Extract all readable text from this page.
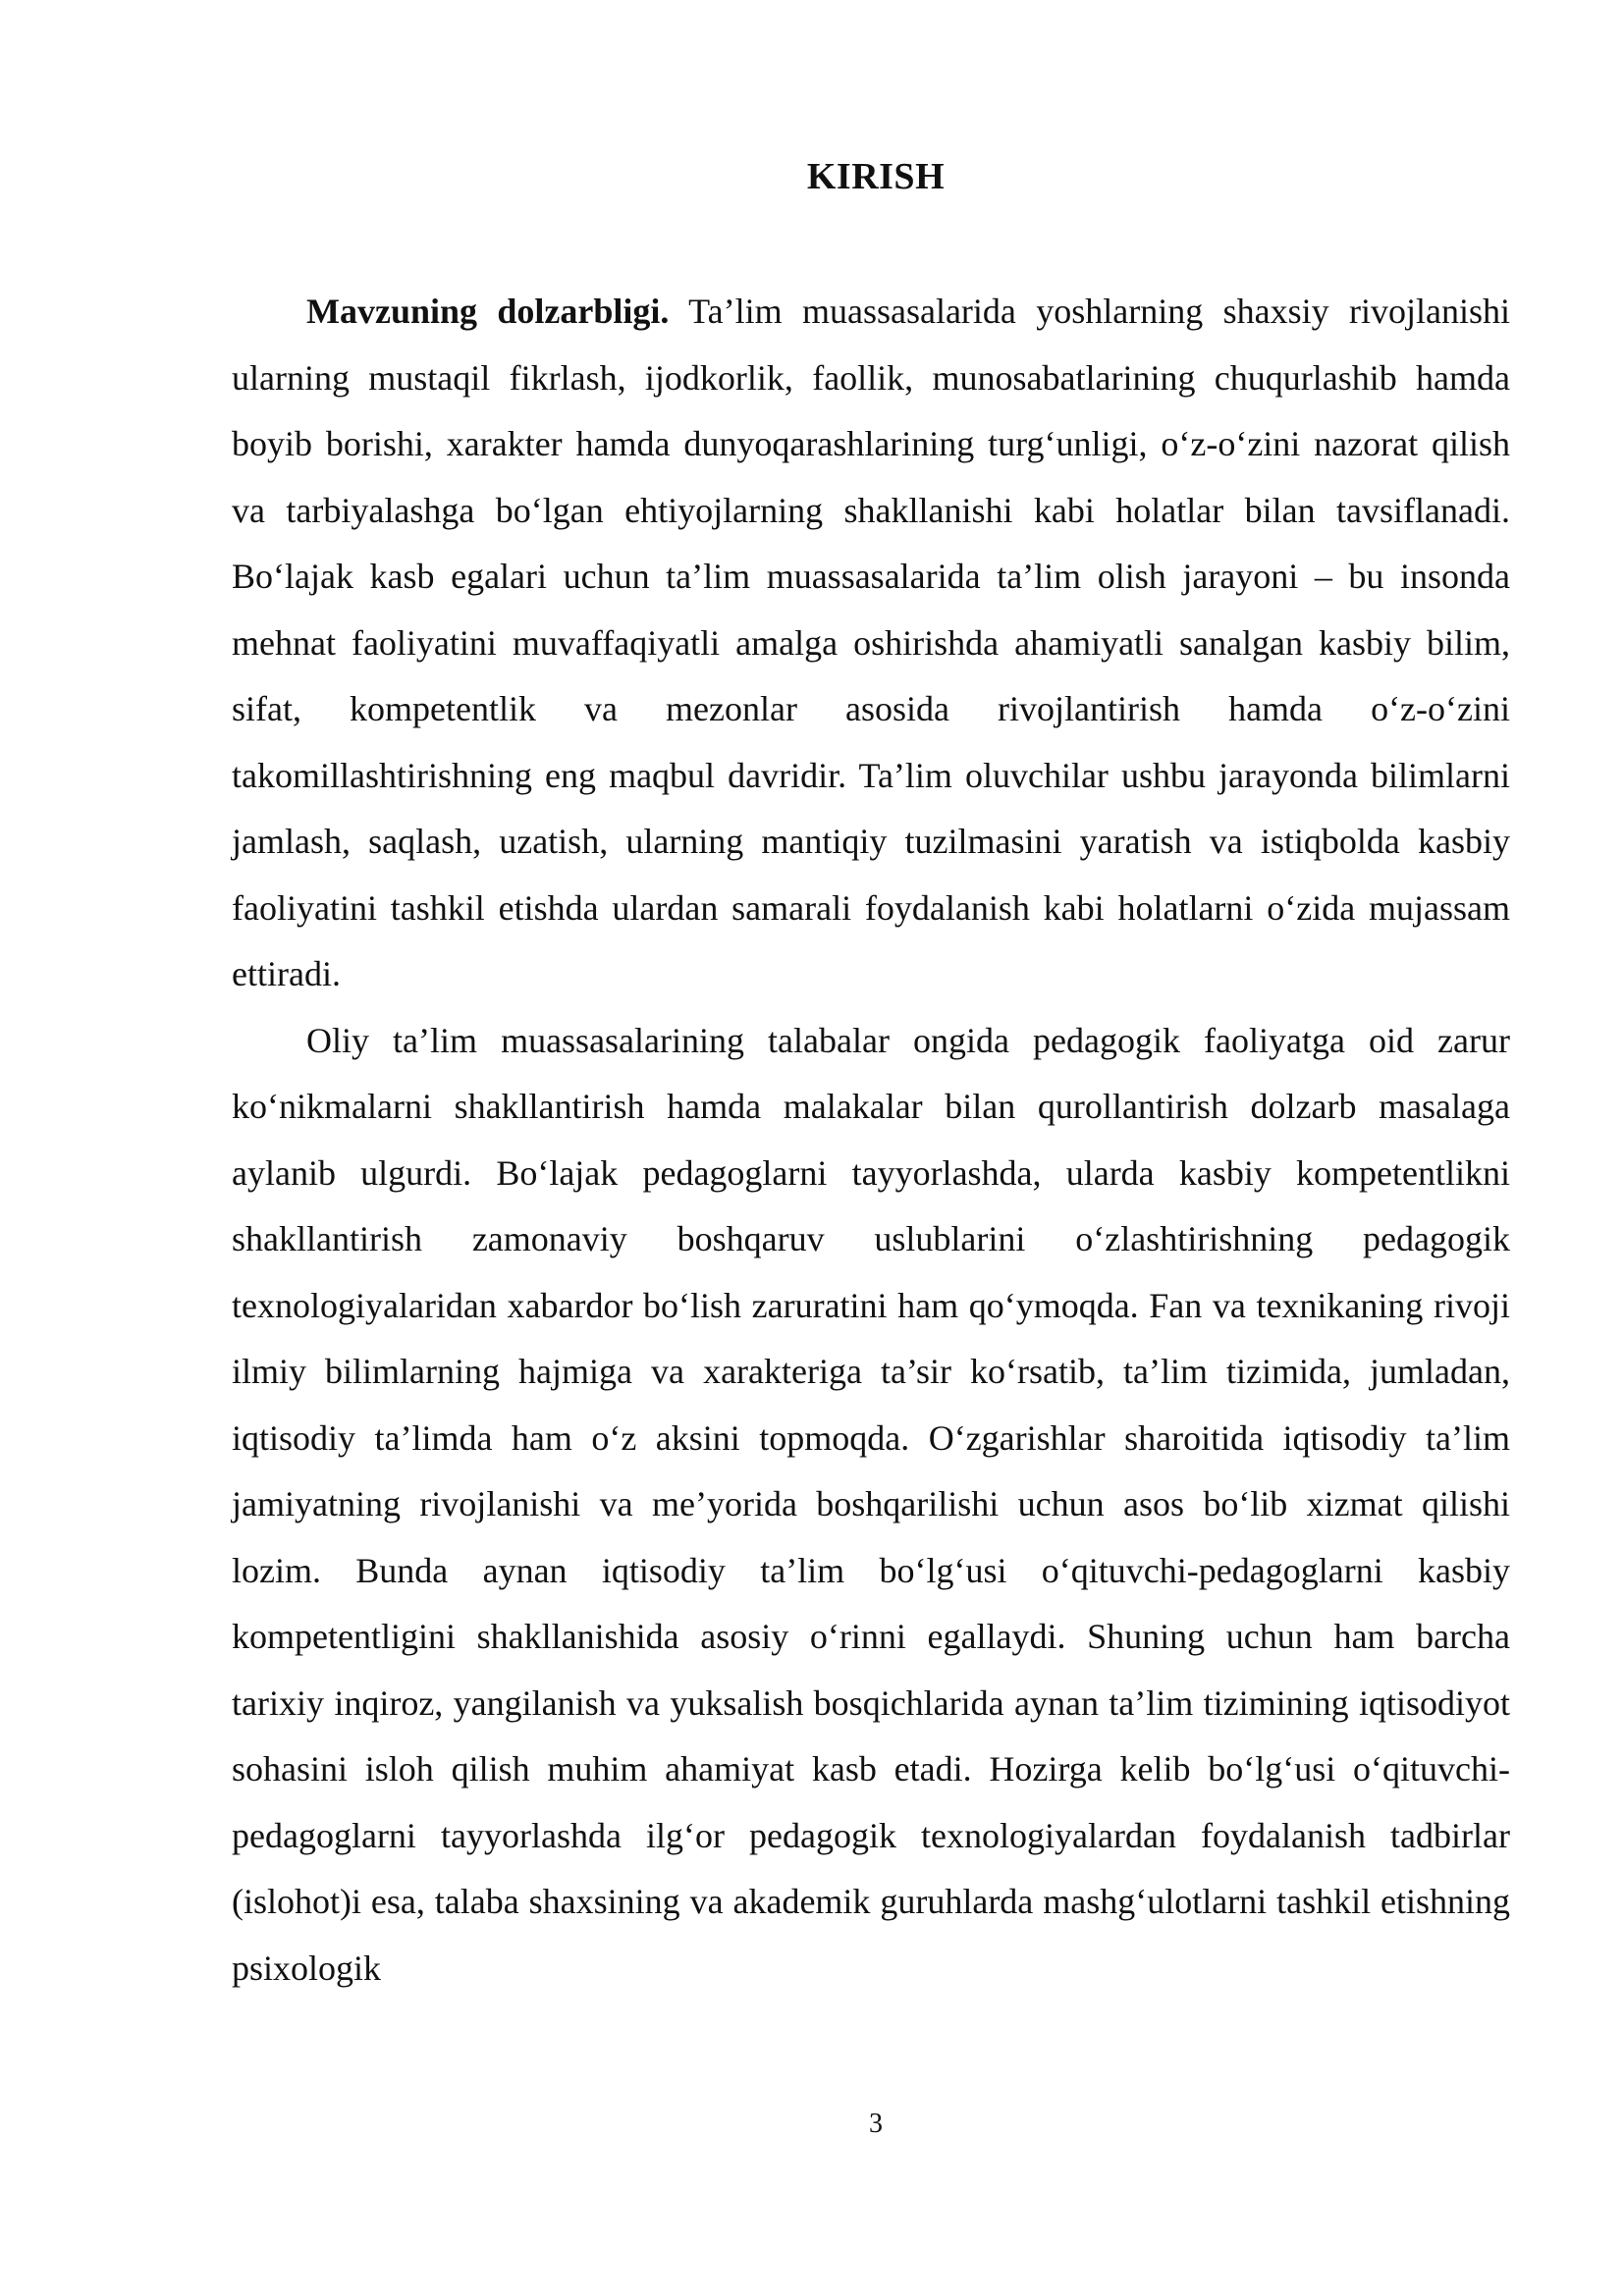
KIRISH

Mavzuning dolzarbligi. Ta’lim muassasalarida yoshlarning shaxsiy rivojlanishi ularning mustaqil fikrlash, ijodkorlik, faollik, munosabatlarining chuqurlashib hamda boyib borishi, xarakter hamda dunyoqarashlarining turg‘unligi, o‘z-o‘zini nazorat qilish va tarbiyalashga bo‘lgan ehtiyojlarning shakllanishi kabi holatlar bilan tavsiflanadi. Bo‘lajak kasb egalari uchun ta’lim muassasalarida ta’lim olish jarayoni – bu insonda mehnat faoliyatini muvaffaqiyatli amalga oshirishda ahamiyatli sanalgan kasbiy bilim, sifat, kompetentlik va mezonlar asosida rivojlantirish hamda o‘z-o‘zini takomillashtirishning eng maqbul davridir. Ta’lim oluvchilar ushbu jarayonda bilimlarni jamlash, saqlash, uzatish, ularning mantiqiy tuzilmasini yaratish va istiqbolda kasbiy faoliyatini tashkil etishda ulardan samarali foydalanish kabi holatlarni o‘zida mujassam ettiradi.

Oliy ta’lim muassasalarining talabalar ongida pedagogik faoliyatga oid zarur ko‘nikmalarni shakllantirish hamda malakalar bilan qurollantirish dolzarb masalaga aylanib ulgurdi. Bo‘lajak pedagoglarni tayyorlashda, ularda kasbiy kompetentlikni shakllantirish zamonaviy boshqaruv uslublarini o‘zlashtirishning pedagogik texnologiyalaridan xabardor bo‘lish zaruratini ham qo‘ymoqda. Fan va texnikaning rivoji ilmiy bilimlarning hajmiga va xarakteriga ta’sir ko‘rsatib, ta’lim tizimida, jumladan, iqtisodiy ta’limda ham o‘z aksini topmoqda. O‘zgarishlar sharoitida iqtisodiy ta’lim jamiyatning rivojlanishi va me’yorida boshqarilishi uchun asos bo‘lib xizmat qilishi lozim. Bunda aynan iqtisodiy ta’lim bo‘lg‘usi o‘qituvchi-pedagoglarni kasbiy kompetentligini shakllanishida asosiy o‘rinni egallaydi. Shuning uchun ham barcha tarixiy inqiroz, yangilanish va yuksalish bosqichlarida aynan ta’lim tizimining iqtisodiyot sohasini isloh qilish muhim ahamiyat kasb etadi. Hozirga kelib bo‘lg‘usi o‘qituvchi-pedagoglarni tayyorlashda ilg‘or pedagogik texnologiyalardan foydalanish tadbirlar (islohot)i esa, talaba shaxsining va akademik guruhlarda mashg‘ulotlarni tashkil etishning psixologik

3
